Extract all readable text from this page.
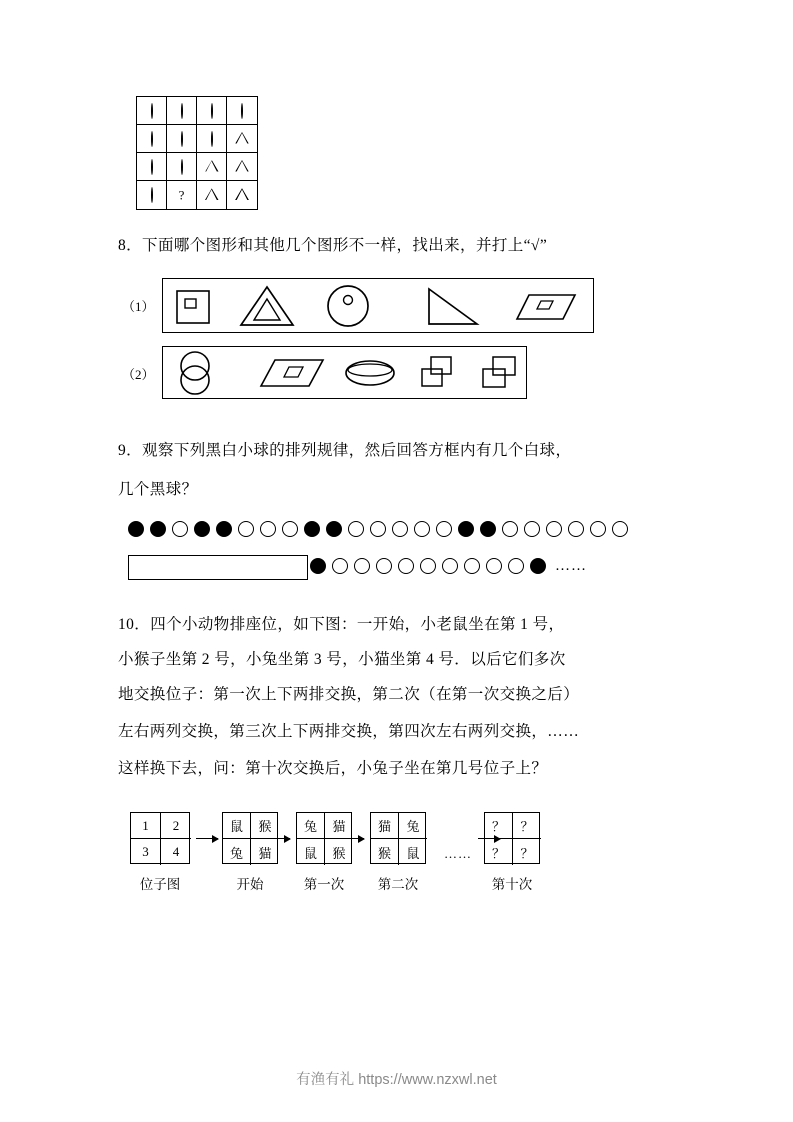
?
8．下面哪个图形和其他几个图形不一样，找出来，并打上“√”
（1）
（2）
9．观察下列黑白小球的排列规律，然后回答方框内有几个白球，
几个黑球？
……
10．四个小动物排座位，如下图：一开始，小老鼠坐在第 1 号，
小猴子坐第 2 号，小兔坐第 3 号，小猫坐第 4 号．以后它们多次
地交换位子：第一次上下两排交换，第二次（在第一次交换之后）
左右两列交换，第三次上下两排交换，第四次左右两列交换，……
这样换下去，问：第十次交换后，小兔子坐在第几号位子上？
1	2
3	4
位子图
鼠	猴
兔	猫
开始
兔	猫
鼠	猴
第一次
猫	兔
猴	鼠
第二次
……
？	？
？	？
第十次
有渔有礼 https://www.nzxwl.net
